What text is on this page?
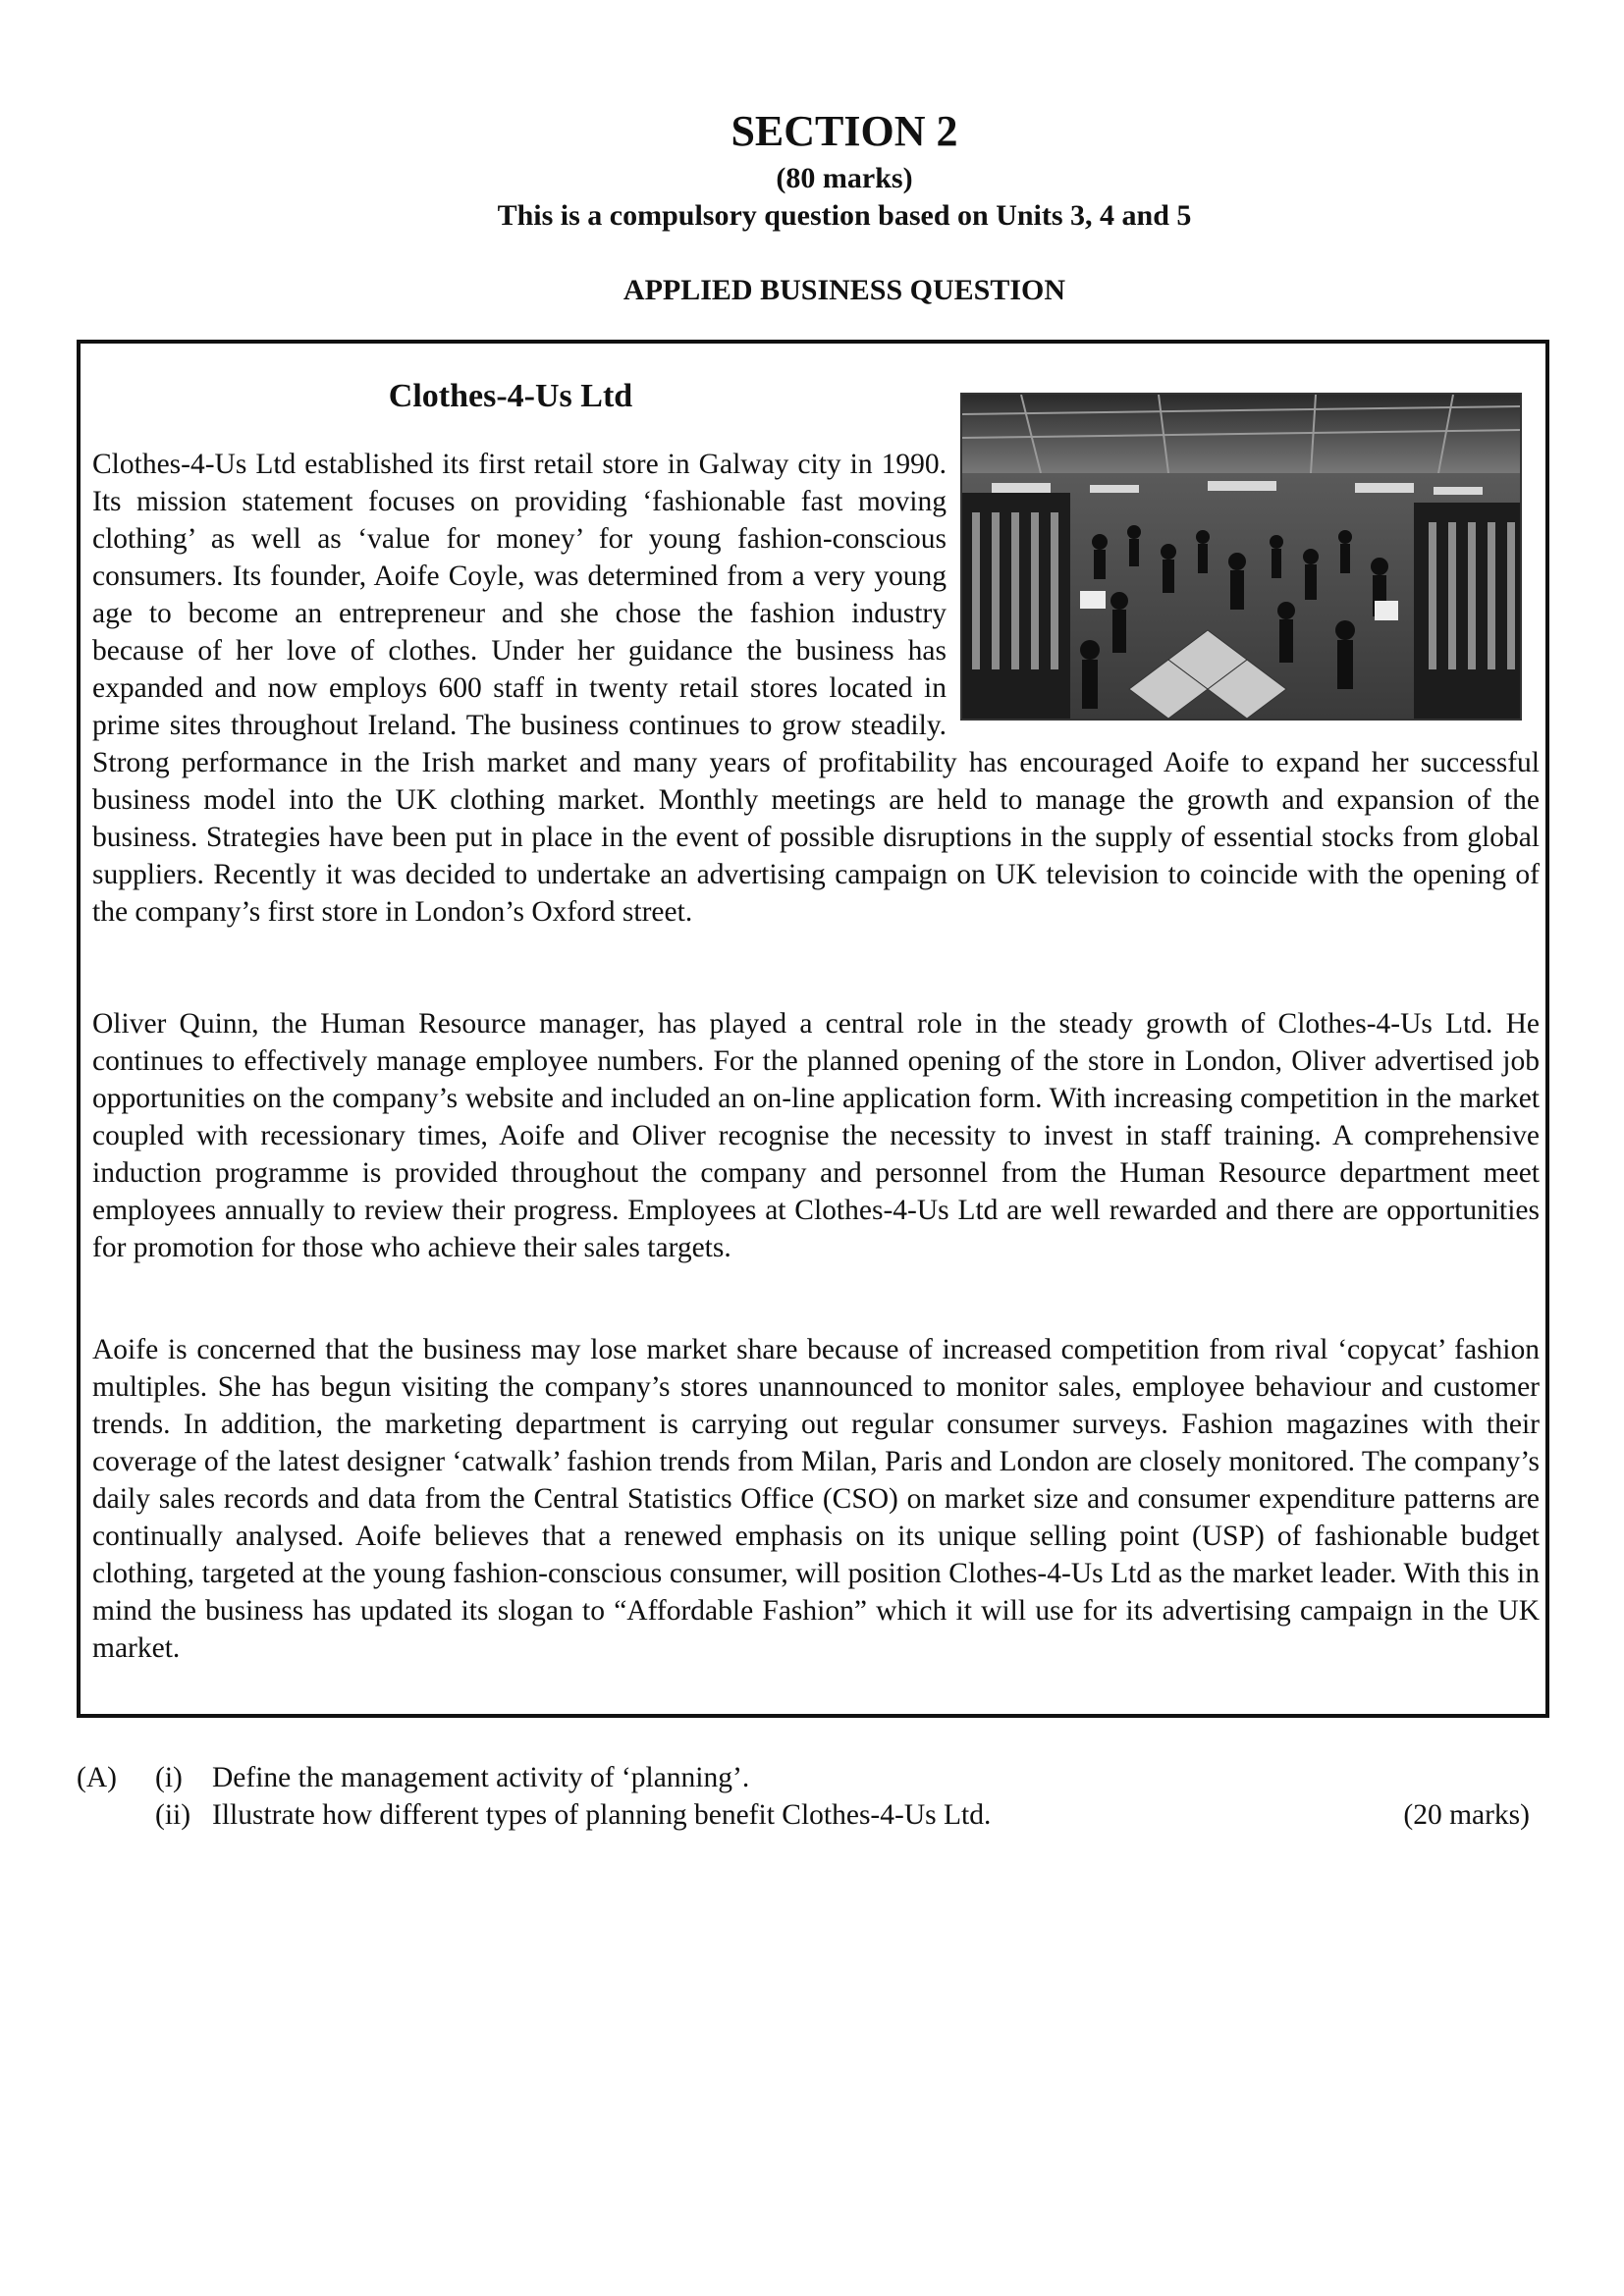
SECTION 2
(80 marks)
This is a compulsory question based on Units 3, 4 and 5
APPLIED BUSINESS QUESTION
Clothes-4-Us Ltd

Clothes-4-Us Ltd established its first retail store in Galway city in 1990. Its mission statement focuses on providing ‘fashionable fast moving clothing’ as well as ‘value for money’ for young fashion-conscious consumers. Its founder, Aoife Coyle, was determined from a very young age to become an entrepreneur and she chose the fashion industry because of her love of clothes. Under her guidance the business has expanded and now employs 600 staff in twenty retail stores located in prime sites throughout Ireland. The business continues to grow steadily. Strong performance in the Irish market and many years of profitability has encouraged Aoife to expand her successful business model into the UK clothing market. Monthly meetings are held to manage the growth and expansion of the business. Strategies have been put in place in the event of possible disruptions in the supply of essential stocks from global suppliers. Recently it was decided to undertake an advertising campaign on UK television to coincide with the opening of the company’s first store in London’s Oxford street.

Oliver Quinn, the Human Resource manager, has played a central role in the steady growth of Clothes-4-Us Ltd. He continues to effectively manage employee numbers. For the planned opening of the store in London, Oliver advertised job opportunities on the company’s website and included an on-line application form. With increasing competition in the market coupled with recessionary times, Aoife and Oliver recognise the necessity to invest in staff training. A comprehensive induction programme is provided throughout the company and personnel from the Human Resource department meet employees annually to review their progress. Employees at Clothes-4-Us Ltd are well rewarded and there are opportunities for promotion for those who achieve their sales targets.

Aoife is concerned that the business may lose market share because of increased competition from rival ‘copycat’ fashion multiples. She has begun visiting the company’s stores unannounced to monitor sales, employee behaviour and customer trends. In addition, the marketing department is carrying out regular consumer surveys. Fashion magazines with their coverage of the latest designer ‘catwalk’ fashion trends from Milan, Paris and London are closely monitored. The company’s daily sales records and data from the Central Statistics Office (CSO) on market size and consumer expenditure patterns are continually analysed. Aoife believes that a renewed emphasis on its unique selling point (USP) of fashionable budget clothing, targeted at the young fashion-conscious consumer, will position Clothes-4-Us Ltd as the market leader. With this in mind the business has updated its slogan to “Affordable Fashion” which it will use for its advertising campaign in the UK market.

(A) (i) Define the management activity of ‘planning’.
(ii) Illustrate how different types of planning benefit Clothes-4-Us Ltd.	(20 marks)
